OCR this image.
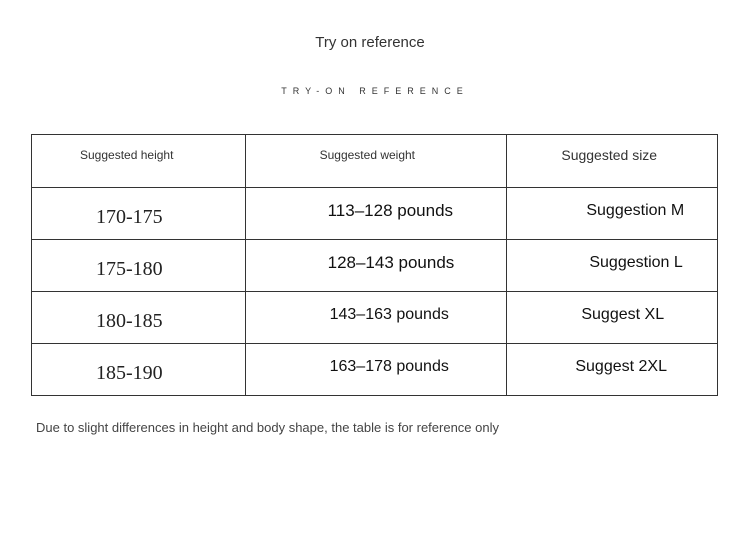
Try on reference
TRY-ON REFERENCE
Suggested height	Suggested weight	Suggested size
170-175	113–128 pounds	Suggestion M
175-180	128–143 pounds	Suggestion L
180-185	143–163 pounds	Suggest XL
185-190	163–178 pounds	Suggest 2XL
Due to slight differences in height and body shape, the table is for reference only
